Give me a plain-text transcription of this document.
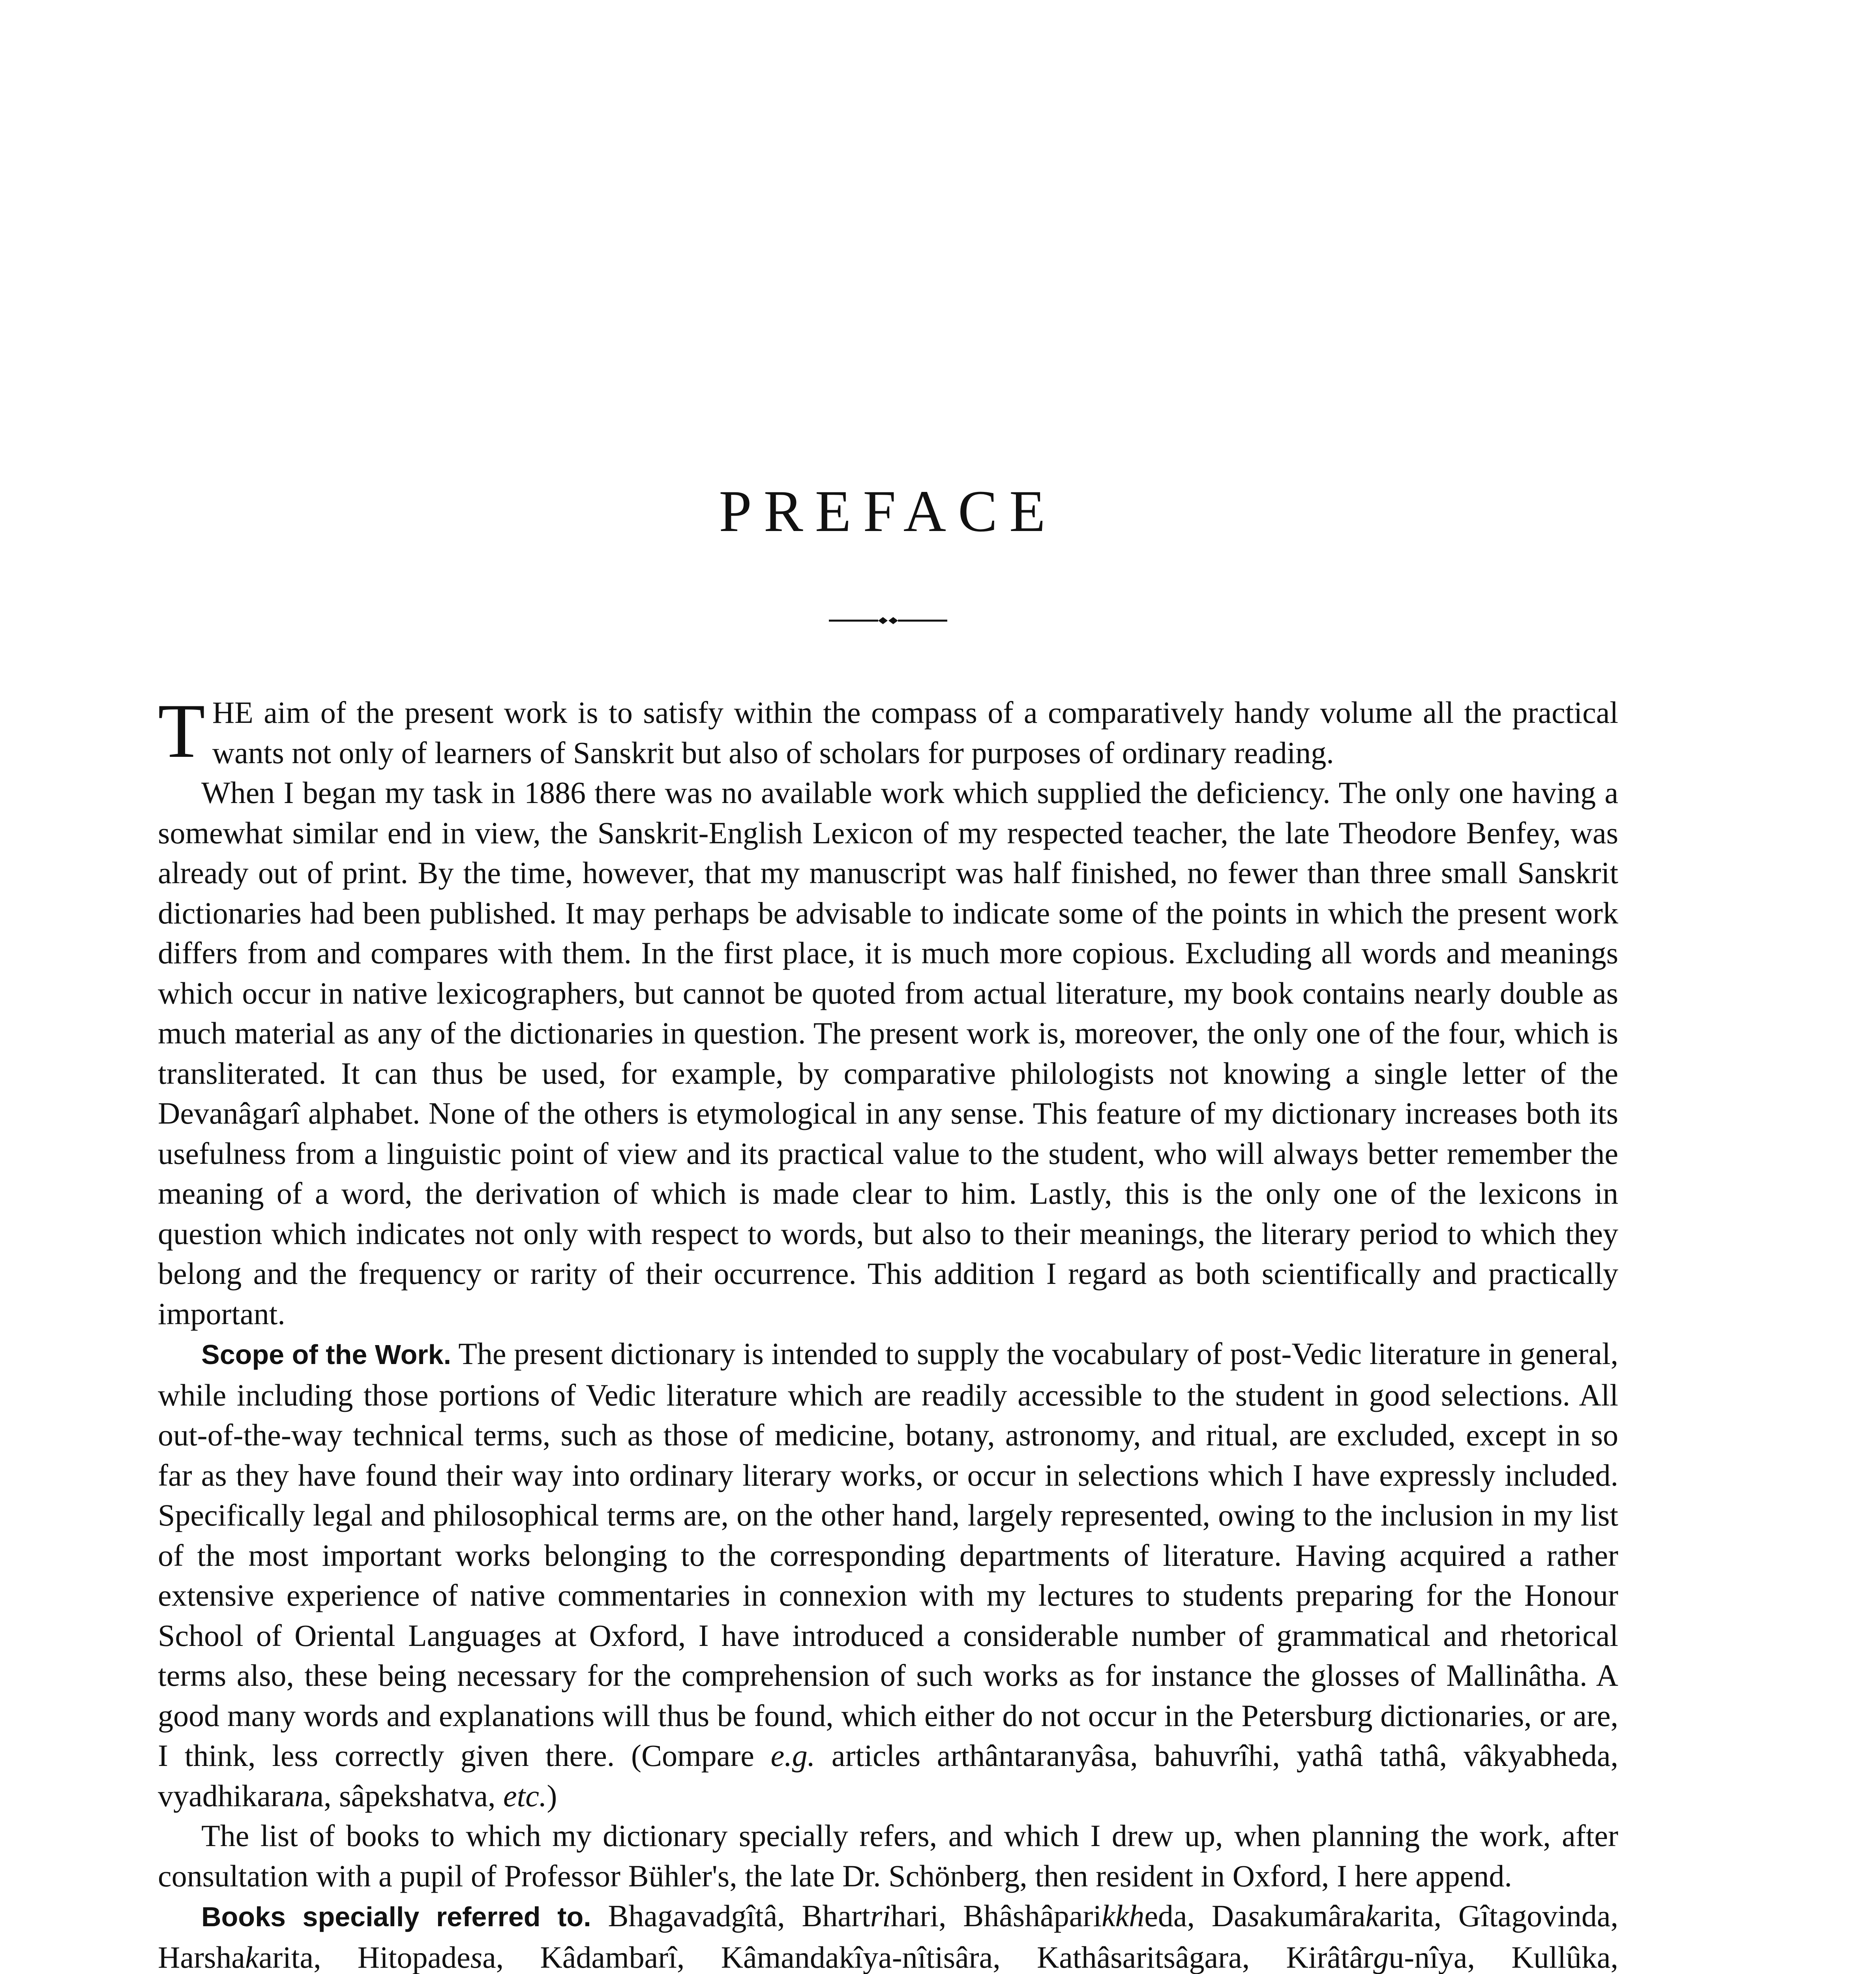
PREFACE

THE aim of the present work is to satisfy within the compass of a comparatively handy volume all the practical wants not only of learners of Sanskrit but also of scholars for purposes of ordinary reading.

When I began my task in 1886 there was no available work which supplied the deficiency. The only one having a somewhat similar end in view, the Sanskrit-English Lexicon of my respected teacher, the late Theodore Benfey, was already out of print. By the time, however, that my manuscript was half finished, no fewer than three small Sanskrit dictionaries had been published. It may perhaps be advisable to indicate some of the points in which the present work differs from and compares with them. In the first place, it is much more copious. Excluding all words and meanings which occur in native lexicographers, but cannot be quoted from actual literature, my book contains nearly double as much material as any of the dictionaries in question. The present work is, moreover, the only one of the four, which is transliterated. It can thus be used, for example, by comparative philologists not knowing a single letter of the Devanâgarî alphabet. None of the others is etymological in any sense. This feature of my dictionary increases both its usefulness from a linguistic point of view and its practical value to the student, who will always better remember the meaning of a word, the derivation of which is made clear to him. Lastly, this is the only one of the lexicons in question which indicates not only with respect to words, but also to their meanings, the literary period to which they belong and the frequency or rarity of their occurrence. This addition I regard as both scientifically and practically important.

Scope of the Work. The present dictionary is intended to supply the vocabulary of post-Vedic literature in general, while including those portions of Vedic literature which are readily accessible to the student in good selections. All out-of-the-way technical terms, such as those of medicine, botany, astronomy, and ritual, are excluded, except in so far as they have found their way into ordinary literary works, or occur in selections which I have expressly included. Specifically legal and philosophical terms are, on the other hand, largely represented, owing to the inclusion in my list of the most important works belonging to the corresponding departments of literature. Having acquired a rather extensive experience of native commentaries in connexion with my lectures to students preparing for the Honour School of Oriental Languages at Oxford, I have introduced a considerable number of grammatical and rhetorical terms also, these being necessary for the comprehension of such works as for instance the glosses of Mallinâtha. A good many words and explanations will thus be found, which either do not occur in the Petersburg dictionaries, or are, I think, less correctly given there. (Compare e.g. articles arthântaranyâsa, bahuvrîhi, yathâ tathâ, vâkyabheda, vyadhikarana, sâpekshatva, etc.)

The list of books to which my dictionary specially refers, and which I drew up, when planning the work, after consultation with a pupil of Professor Bühler's, the late Dr. Schönberg, then resident in Oxford, I here append.

Books specially referred to. Bhagavadgîtâ, Bhartrihari, Bhâshâparikkheda, Dasakumârakarita, Gîtagovinda, Harshakarita, Hitopadesa, Kâdambarî, Kâmandakîya-nîtisâra, Kathâsaritsâgara, Kirâtârgu-nîya, Kullûka,
